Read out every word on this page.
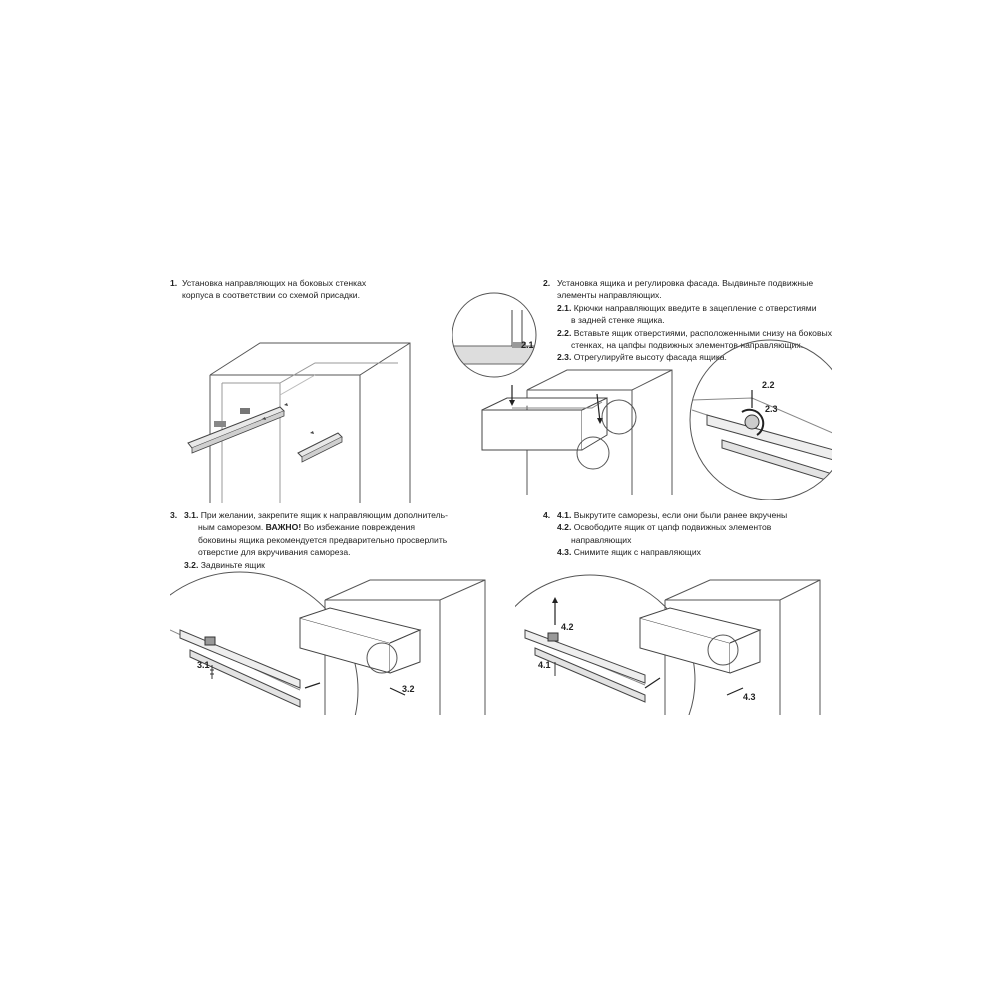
1. Установка направляющих на боковых стенках
корпуса в соответствии со схемой присадки.
2. Установка ящика и регулировка фасада. Выдвиньте подвижные
элементы направляющих.
2.1. Крючки направляющих введите в зацепление с отверстиями
в задней стенке ящика.
2.2. Вставьте ящик отверстиями, расположенными снизу на боковых
стенках, на цапфы подвижных элементов направляющих.
2.3. Отрегулируйте высоту фасада ящика.
3. 3.1. При желании, закрепите ящик к направляющим дополнитель-
ным саморезом. ВАЖНО! Во избежание повреждения
боковины ящика рекомендуется предварительно просверлить
отверстие для вкручивания самореза.
3.2. Задвиньте ящик
4. 4.1. Выкрутите саморезы, если они были ранее вкручены
4.2. Освободите ящик от цапф подвижных элементов
направляющих
4.3. Снимите ящик с направляющих
2.1
2.2
2.3
3.1
3.2
4.2
4.1
4.3
